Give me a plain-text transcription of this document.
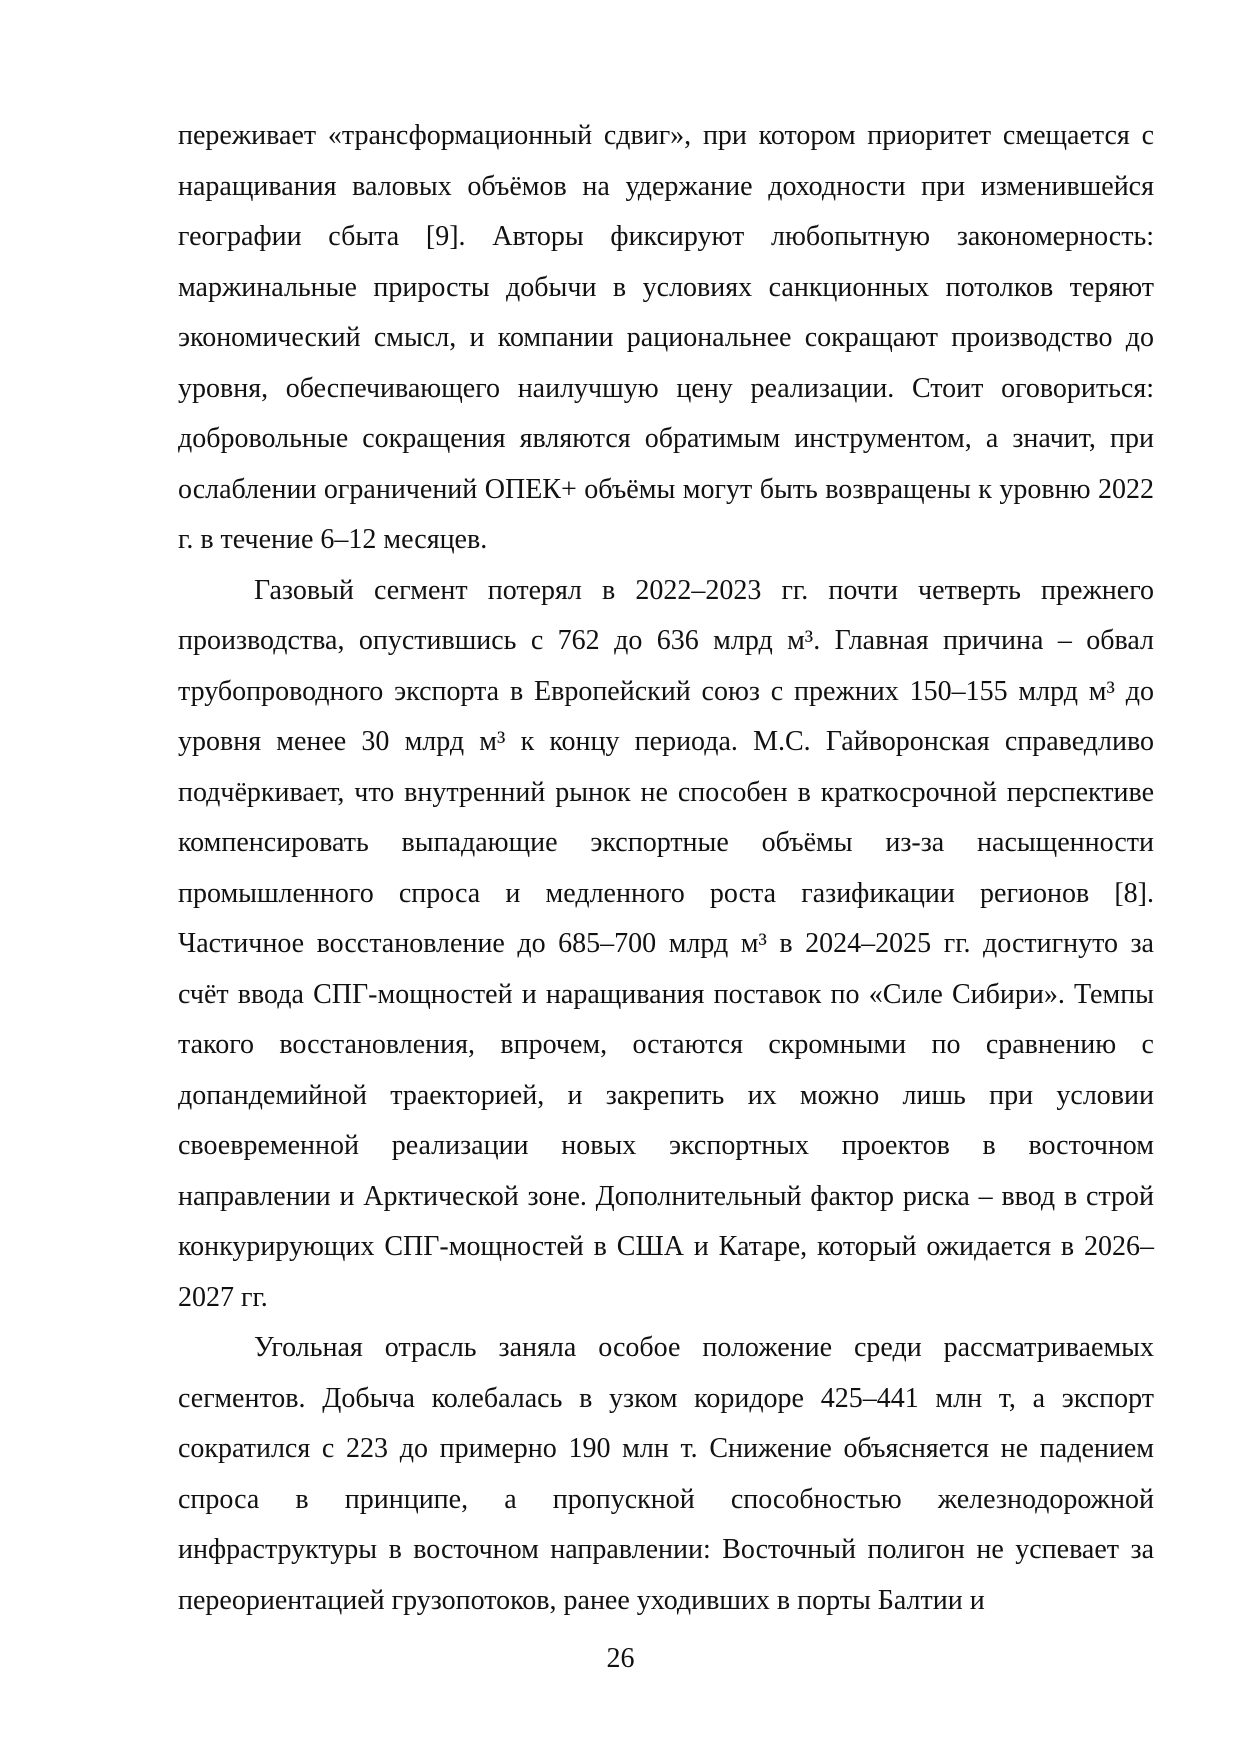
переживает «трансформационный сдвиг», при котором приоритет смещается с наращивания валовых объёмов на удержание доходности при изменившейся географии сбыта [9]. Авторы фиксируют любопытную закономерность: маржинальные приросты добычи в условиях санкционных потолков теряют экономический смысл, и компании рациональнее сокращают производство до уровня, обеспечивающего наилучшую цену реализации. Стоит оговориться: добровольные сокращения являются обратимым инструментом, а значит, при ослаблении ограничений ОПЕК+ объёмы могут быть возвращены к уровню 2022 г. в течение 6–12 месяцев.

Газовый сегмент потерял в 2022–2023 гг. почти четверть прежнего производства, опустившись с 762 до 636 млрд м³. Главная причина – обвал трубопроводного экспорта в Европейский союз с прежних 150–155 млрд м³ до уровня менее 30 млрд м³ к концу периода. М.С. Гайворонская справедливо подчёркивает, что внутренний рынок не способен в краткосрочной перспективе компенсировать выпадающие экспортные объёмы из-за насыщенности промышленного спроса и медленного роста газификации регионов [8]. Частичное восстановление до 685–700 млрд м³ в 2024–2025 гг. достигнуто за счёт ввода СПГ-мощностей и наращивания поставок по «Силе Сибири». Темпы такого восстановления, впрочем, остаются скромными по сравнению с допандемийной траекторией, и закрепить их можно лишь при условии своевременной реализации новых экспортных проектов в восточном направлении и Арктической зоне. Дополнительный фактор риска – ввод в строй конкурирующих СПГ-мощностей в США и Катаре, который ожидается в 2026–2027 гг.

Угольная отрасль заняла особое положение среди рассматриваемых сегментов. Добыча колебалась в узком коридоре 425–441 млн т, а экспорт сократился с 223 до примерно 190 млн т. Снижение объясняется не падением спроса в принципе, а пропускной способностью железнодорожной инфраструктуры в восточном направлении: Восточный полигон не успевает за переориентацией грузопотоков, ранее уходивших в порты Балтии и

26
